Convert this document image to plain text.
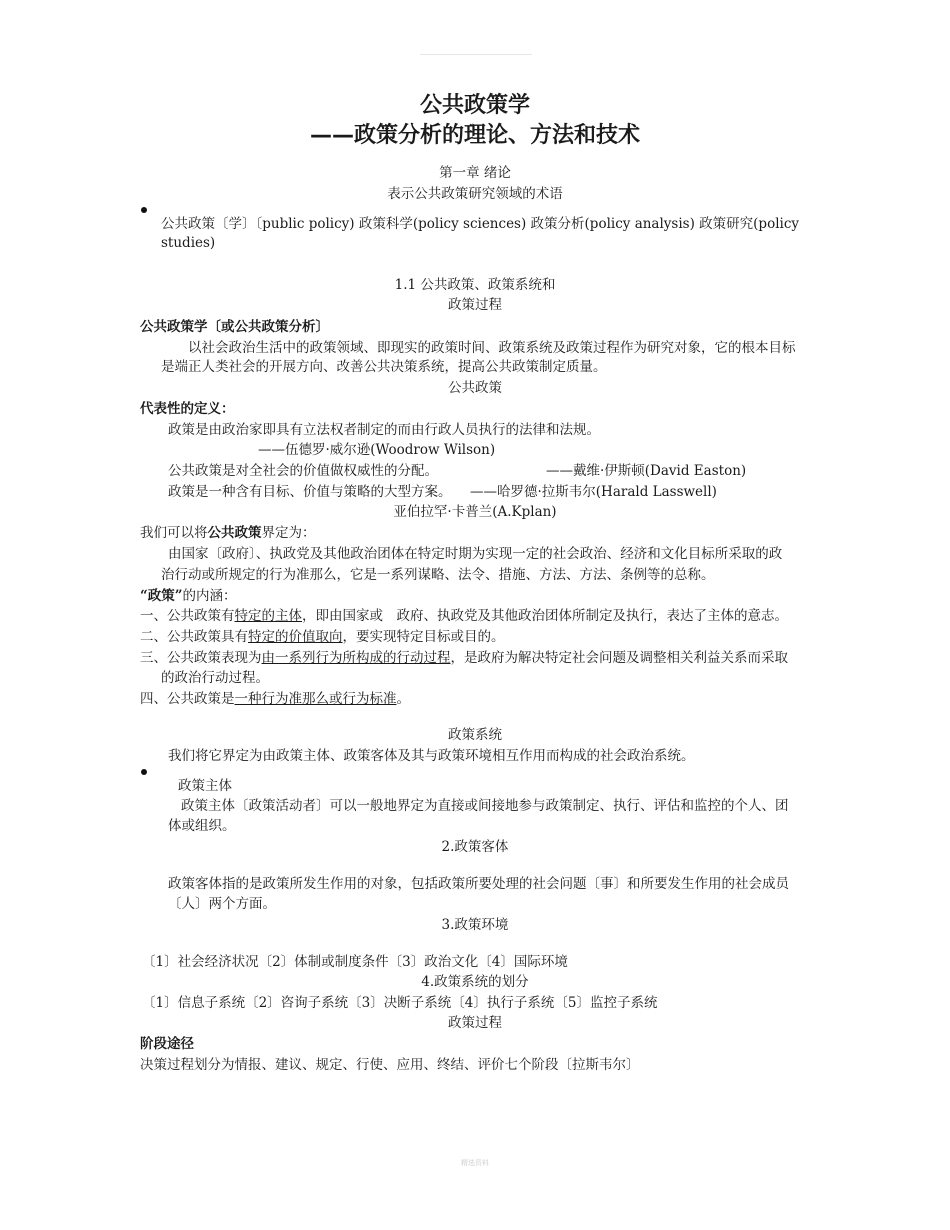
公共政策学
——政策分析的理论、方法和技术
第一章 绪论
表示公共政策研究领域的术语
公共政策〔学〕〔public policy) 政策科学(policy sciences) 政策分析(policy analysis) 政策研究(policy
studies)
1.1 公共政策、政策系统和
政策过程
公共政策学〔或公共政策分析〕
以社会政治生活中的政策领域、即现实的政策时间、政策系统及政策过程作为研究对象，它的根本目标
是端正人类社会的开展方向、改善公共决策系统，提高公共政策制定质量。
公共政策
代表性的定义：
政策是由政治家即具有立法权者制定的而由行政人员执行的法律和法规。
——伍德罗·威尔逊(Woodrow Wilson)
公共政策是对全社会的价值做权威性的分配。	——戴维·伊斯顿(David Easton)
政策是一种含有目标、价值与策略的大型方案。 ——哈罗德·拉斯韦尔(Harald Lasswell)
亚伯拉罕·卡普兰(A.Kplan)
我们可以将公共政策界定为：
由国家〔政府〕、执政党及其他政治团体在特定时期为实现一定的社会政治、经济和文化目标所采取的政
治行动或所规定的行为准那么，它是一系列谋略、法令、措施、方法、方法、条例等的总称。
“政策”的内涵：
一、公共政策有特定的主体，即由国家或　政府、执政党及其他政治团体所制定及执行，表达了主体的意志。
二、公共政策具有特定的价值取向，要实现特定目标或目的。
三、公共政策表现为由一系列行为所构成的行动过程，是政府为解决特定社会问题及调整相关利益关系而采取
的政治行动过程。
四、公共政策是一种行为准那么或行为标准。
政策系统
我们将它界定为由政策主体、政策客体及其与政策环境相互作用而构成的社会政治系统。
政策主体
政策主体〔政策活动者〕可以一般地界定为直接或间接地参与政策制定、执行、评估和监控的个人、团
体或组织。
2.政策客体
政策客体指的是政策所发生作用的对象，包括政策所要处理的社会问题〔事〕和所要发生作用的社会成员
〔人〕两个方面。
3.政策环境
〔1〕社会经济状况〔2〕体制或制度条件〔3〕政治文化〔4〕国际环境
4.政策系统的划分
〔1〕信息子系统〔2〕咨询子系统〔3〕决断子系统〔4〕执行子系统〔5〕监控子系统
政策过程
阶段途径
决策过程划分为情报、建议、规定、行使、应用、终结、评价七个阶段〔拉斯韦尔〕
精选资料
